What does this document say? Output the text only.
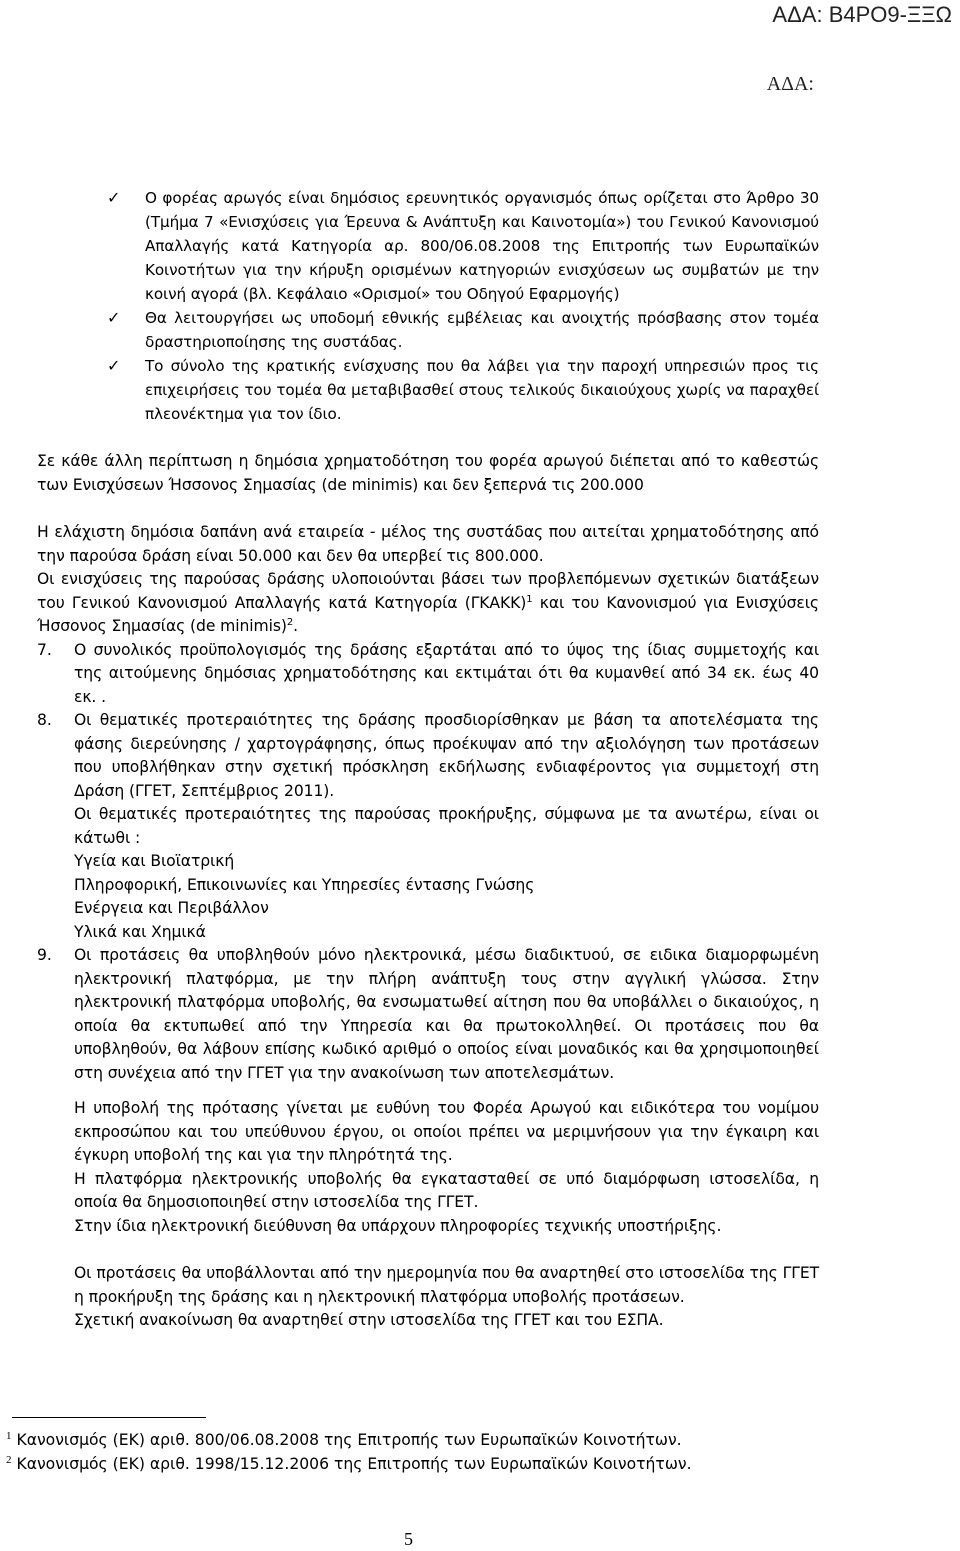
ΑΔΑ: Β4ΡΟ9-ΞΞΩ
ΑΔΑ:
✓ Ο φορέας αρωγός είναι δημόσιος ερευνητικός οργανισμός όπως ορίζεται στο Άρθρο 30 (Τμήμα 7 «Ενισχύσεις για Έρευνα & Ανάπτυξη και Καινοτομία») του Γενικού Κανονισμού Απαλλαγής κατά Κατηγορία αρ. 800/06.08.2008 της Επιτροπής των Ευρωπαϊκών Κοινοτήτων για την κήρυξη ορισμένων κατηγοριών ενισχύσεων ως συμβατών με την κοινή αγορά (βλ. Κεφάλαιο «Ορισμοί» του Οδηγού Εφαρμογής)

✓ Θα λειτουργήσει ως υποδομή εθνικής εμβέλειας και ανοιχτής πρόσβασης στον τομέα δραστηριοποίησης της συστάδας.

✓ Το σύνολο της κρατικής ενίσχυσης που θα λάβει για την παροχή υπηρεσιών προς τις επιχειρήσεις του τομέα θα μεταβιβασθεί στους τελικούς δικαιούχους χωρίς να παραχθεί πλεονέκτημα για τον ίδιο.

Σε κάθε άλλη περίπτωση η δημόσια χρηματοδότηση του φορέα αρωγού διέπεται από το καθεστώς των Ενισχύσεων Ήσσονος Σημασίας (de minimis) και δεν ξεπερνά τις 200.000

Η ελάχιστη δημόσια δαπάνη ανά εταιρεία - μέλος της συστάδας που αιτείται χρηματοδότησης από την παρούσα δράση είναι 50.000 και δεν θα υπερβεί τις 800.000.

Οι ενισχύσεις της παρούσας δράσης υλοποιούνται βάσει των προβλεπόμενων σχετικών διατάξεων του Γενικού Κανονισμού Απαλλαγής κατά Κατηγορία $(\Gamma KAKK)^1$ και του Κανονισμού για Ενισχύσεις Ήσσονος Σημασίας (de minimis)$^2$.

7. Ο συνολικός προϋπολογισμός της δράσης εξαρτάται από το ύψος της ίδιας συμμετοχής και της αιτούμενης δημόσιας χρηματοδότησης και εκτιμάται ότι θα κυμανθεί από 34 εκ. έως 40 εκ. .

8. Οι θεματικές προτεραιότητες της δράσης προσδιορίσθηκαν με βάση τα αποτελέσματα της φάσης διερεύνησης / χαρτογράφησης, όπως προέκυψαν από την αξιολόγηση των προτάσεων που υποβλήθηκαν στην σχετική πρόσκληση εκδήλωσης ενδιαφέροντος για συμμετοχή στη Δράση (ΓΓΕΤ, Σεπτέμβριος 2011).

Οι θεματικές προτεραιότητες της παρούσας προκήρυξης, σύμφωνα με τα ανωτέρω, είναι οι κάτωθι :

Υγεία και Βιοϊατρική
Πληροφορική, Επικοινωνίες και Υπηρεσίες έντασης Γνώσης
Ενέργεια και Περιβάλλον
Υλικά και Χημικά
9. Οι προτάσεις θα υποβληθούν μόνο ηλεκτρονικά, μέσω διαδικτυού, σε ειδικα διαμορφωμένη ηλεκτρονική πλατφόρμα, με την πλήρη ανάπτυξη τους στην αγγλική γλώσσα. Στην ηλεκτρονική πλατφόρμα υποβολής, θα ενσωματωθεί αίτηση που θα υποβάλλει ο δικαιούχος, η οποία θα εκτυπωθεί από την Υπηρεσία και θα πρωτοκολληθεί. Οι προτάσεις που θα υποβληθούν, θα λάβουν επίσης κωδικό αριθμό ο οποίος είναι μοναδικός και θα χρησιμοποιηθεί στη συνέχεια από την ΓΓΕΤ για την ανακοίνωση των αποτελεσμάτων.

Η υποβολή της πρότασης γίνεται με ευθύνη του Φορέα Αρωγού και ειδικότερα του νομίμου εκπροσώπου και του υπεύθυνου έργου, οι οποίοι πρέπει να μεριμνήσουν για την έγκαιρη και έγκυρη υποβολή της και για την πληρότητά της.

Η πλατφόρμα ηλεκτρονικής υποβολής θα εγκατασταθεί σε υπό διαμόρφωση ιστοσελίδα, η οποία θα δημοσιοποιηθεί στην ιστοσελίδα της ΓΓΕΤ.

Στην ίδια ηλεκτρονική διεύθυνση θα υπάρχουν πληροφορίες τεχνικής υποστήριξης.

Οι προτάσεις θα υποβάλλονται από την ημερομηνία που θα αναρτηθεί στο ιστοσελίδα της ΓΓΕΤ η προκήρυξη της δράσης και η ηλεκτρονική πλατφόρμα υποβολής προτάσεων.

Σχετική ανακοίνωση θα αναρτηθεί στην ιστοσελίδα της ΓΓΕΤ και του ΕΣΠΑ.

$^1$ Κανονισμός (ΕΚ) αριθ. 800/06.08.2008 της Επιτροπής των Ευρωπαϊκών Κοινοτήτων.
$^2$ Κανονισμός (ΕΚ) αριθ. 1998/15.12.2006 της Επιτροπής των Ευρωπαϊκών Κοινοτήτων.
5
